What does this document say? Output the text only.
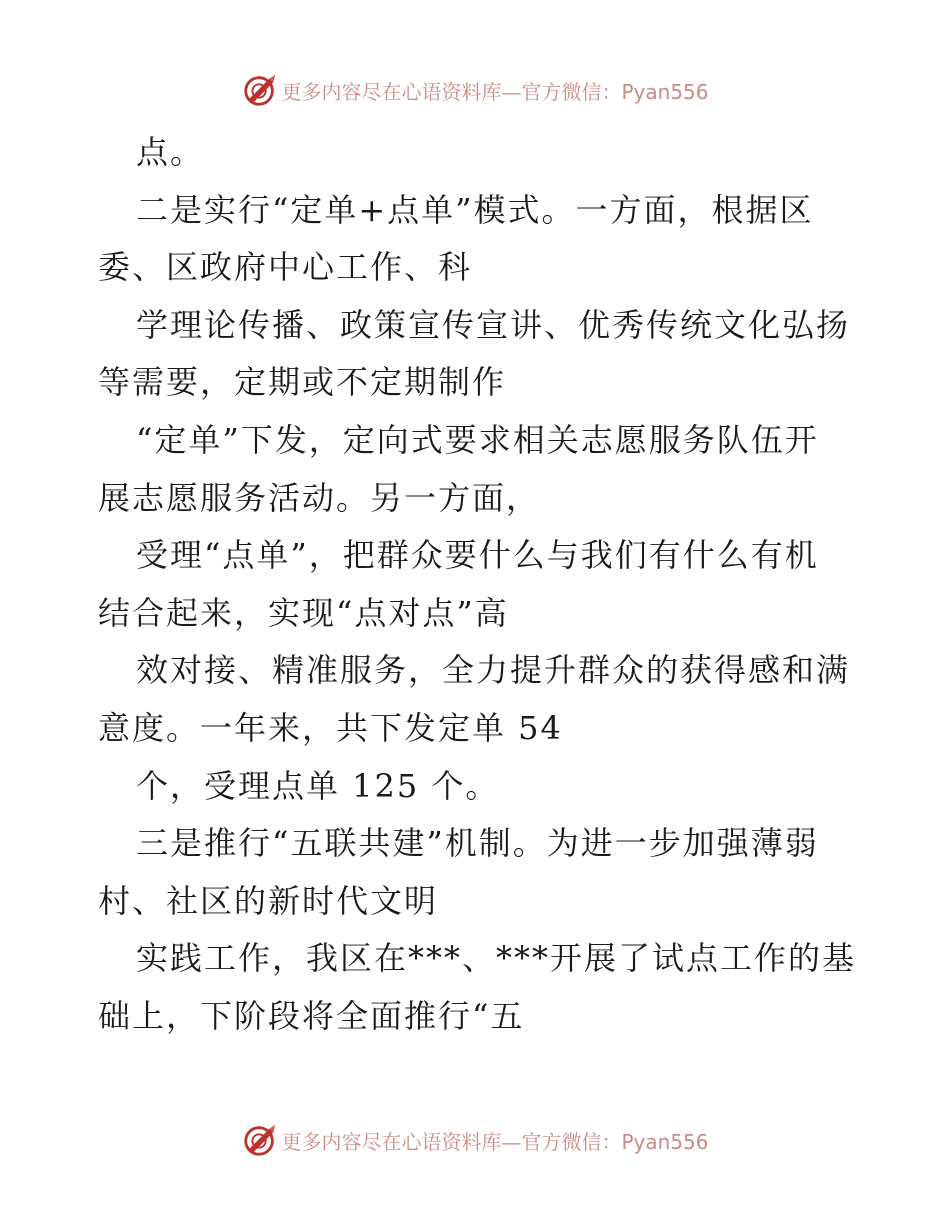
更多内容尽在心语资料库—官方微信：Pyan556
点。
二是实行“定单+点单”模式。一方面，根据区
委、区政府中心工作、科
学理论传播、政策宣传宣讲、优秀传统文化弘扬
等需要，定期或不定期制作
“定单”下发，定向式要求相关志愿服务队伍开
展志愿服务活动。另一方面，
受理“点单”，把群众要什么与我们有什么有机
结合起来，实现“点对点”高
效对接、精准服务，全力提升群众的获得感和满
意度。一年来，共下发定单 54
个，受理点单 125 个。
三是推行“五联共建”机制。为进一步加强薄弱
村、社区的新时代文明
实践工作，我区在***、***开展了试点工作的基
础上，下阶段将全面推行“五
更多内容尽在心语资料库—官方微信：Pyan556
